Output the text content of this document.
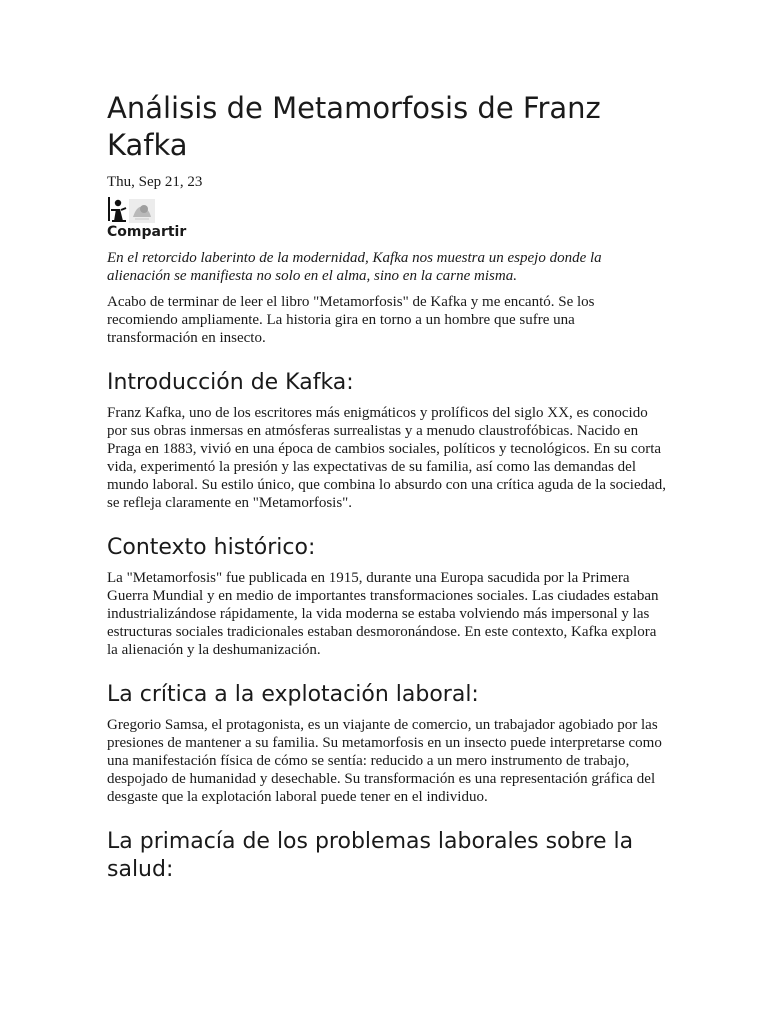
Análisis de Metamorfosis de Franz Kafka
Thu, Sep 21, 23
Compartir

En el retorcido laberinto de la modernidad, Kafka nos muestra un espejo donde la alienación se manifiesta no solo en el alma, sino en la carne misma.

Acabo de terminar de leer el libro "Metamorfosis" de Kafka y me encantó. Se los recomiendo ampliamente. La historia gira en torno a un hombre que sufre una transformación en insecto.

Introducción de Kafka:

Franz Kafka, uno de los escritores más enigmáticos y prolíficos del siglo XX, es conocido por sus obras inmersas en atmósferas surrealistas y a menudo claustrofóbicas. Nacido en Praga en 1883, vivió en una época de cambios sociales, políticos y tecnológicos. En su corta vida, experimentó la presión y las expectativas de su familia, así como las demandas del mundo laboral. Su estilo único, que combina lo absurdo con una crítica aguda de la sociedad, se refleja claramente en "Metamorfosis".

Contexto histórico:

La "Metamorfosis" fue publicada en 1915, durante una Europa sacudida por la Primera Guerra Mundial y en medio de importantes transformaciones sociales. Las ciudades estaban industrializándose rápidamente, la vida moderna se estaba volviendo más impersonal y las estructuras sociales tradicionales estaban desmoronándose. En este contexto, Kafka explora la alienación y la deshumanización.

La crítica a la explotación laboral:

Gregorio Samsa, el protagonista, es un viajante de comercio, un trabajador agobiado por las presiones de mantener a su familia. Su metamorfosis en un insecto puede interpretarse como una manifestación física de cómo se sentía: reducido a un mero instrumento de trabajo, despojado de humanidad y desechable. Su transformación es una representación gráfica del desgaste que la explotación laboral puede tener en el individuo.

La primacía de los problemas laborales sobre la salud:
